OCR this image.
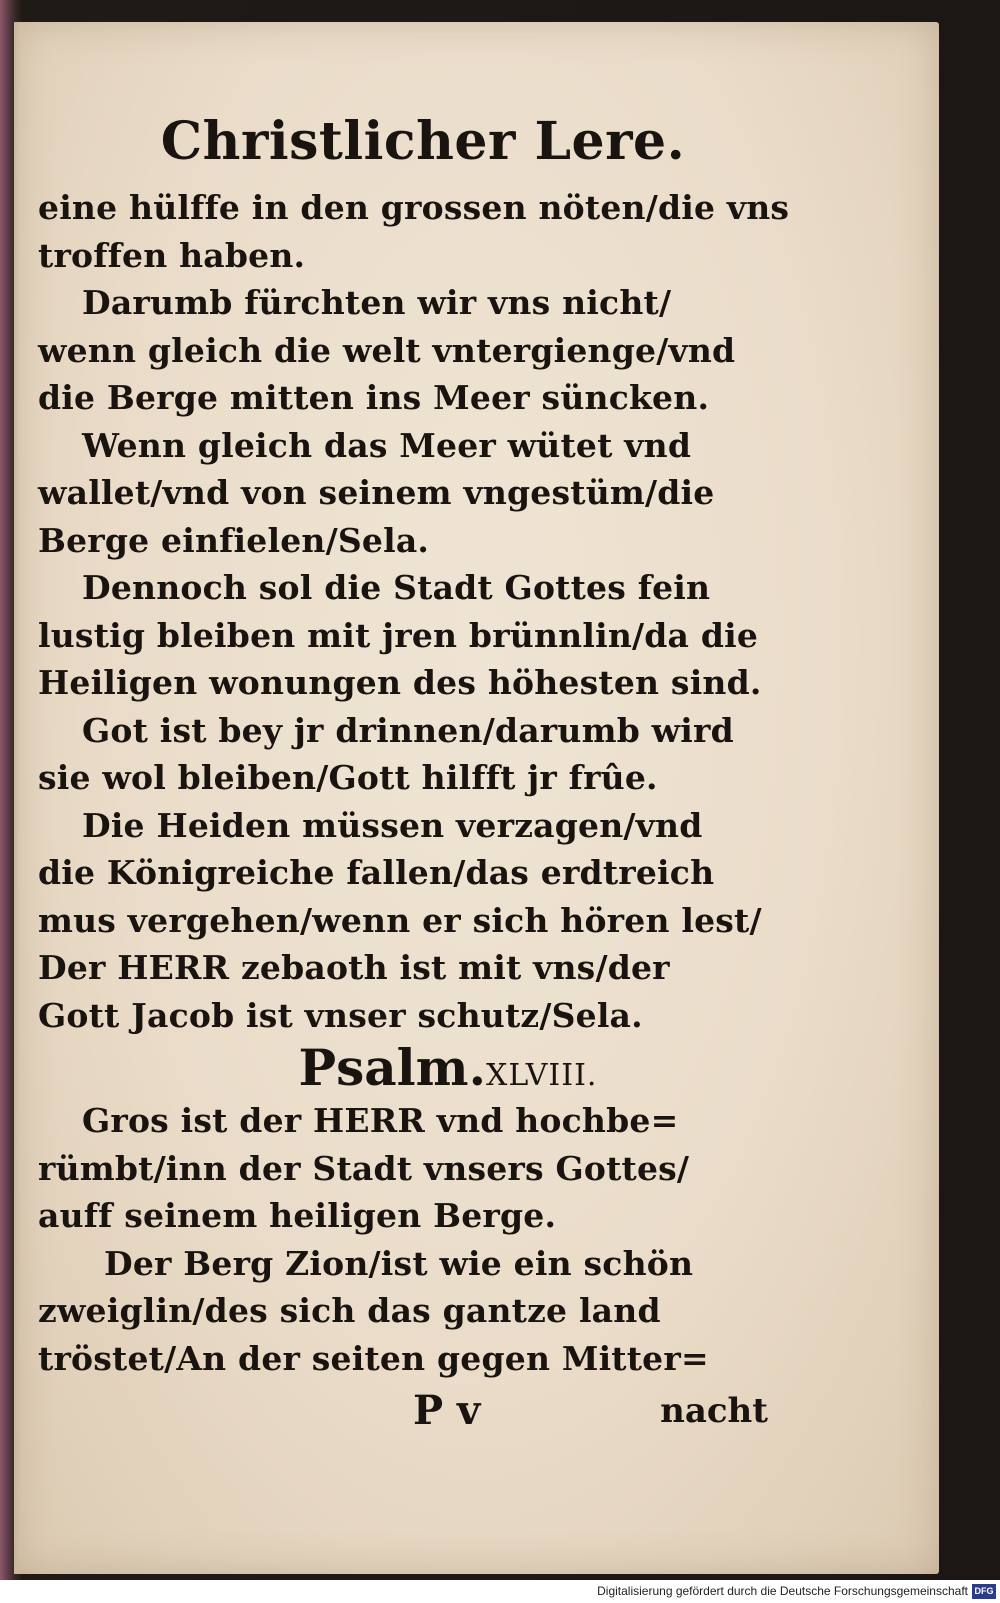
Christlicher Lere.
eine hülffe in den grossen nöten/die vns
troffen haben.
Darumb fürchten wir vns nicht/
wenn gleich die welt vntergienge/vnd
die Berge mitten ins Meer süncken.
Wenn gleich das Meer wütet vnd
wallet/vnd von seinem vngestüm/die
Berge einfielen/Sela.
Dennoch sol die Stadt Gottes fein
lustig bleiben mit jren brünnlin/da die
Heiligen wonungen des höhesten sind.
Got ist bey jr drinnen/darumb wird
sie wol bleiben/Gott hilfft jr frûe.
Die Heiden müssen verzagen/vnd
die Königreiche fallen/das erdtreich
mus vergehen/wenn er sich hören lest/
Der HERR zebaoth ist mit vns/der
Gott Jacob ist vnser schutz/Sela.
Psalm.XLVIII.
Gros ist der HERR vnd hochbe=
rümbt/inn der Stadt vnsers Gottes/
auff seinem heiligen Berge.
Der Berg Zion/ist wie ein schön
zweiglin/des sich das gantze land
tröstet/An der seiten gegen Mitter=
P v	nacht
Digitalisierung gefördert durch die Deutsche Forschungsgemeinschaft DFG
